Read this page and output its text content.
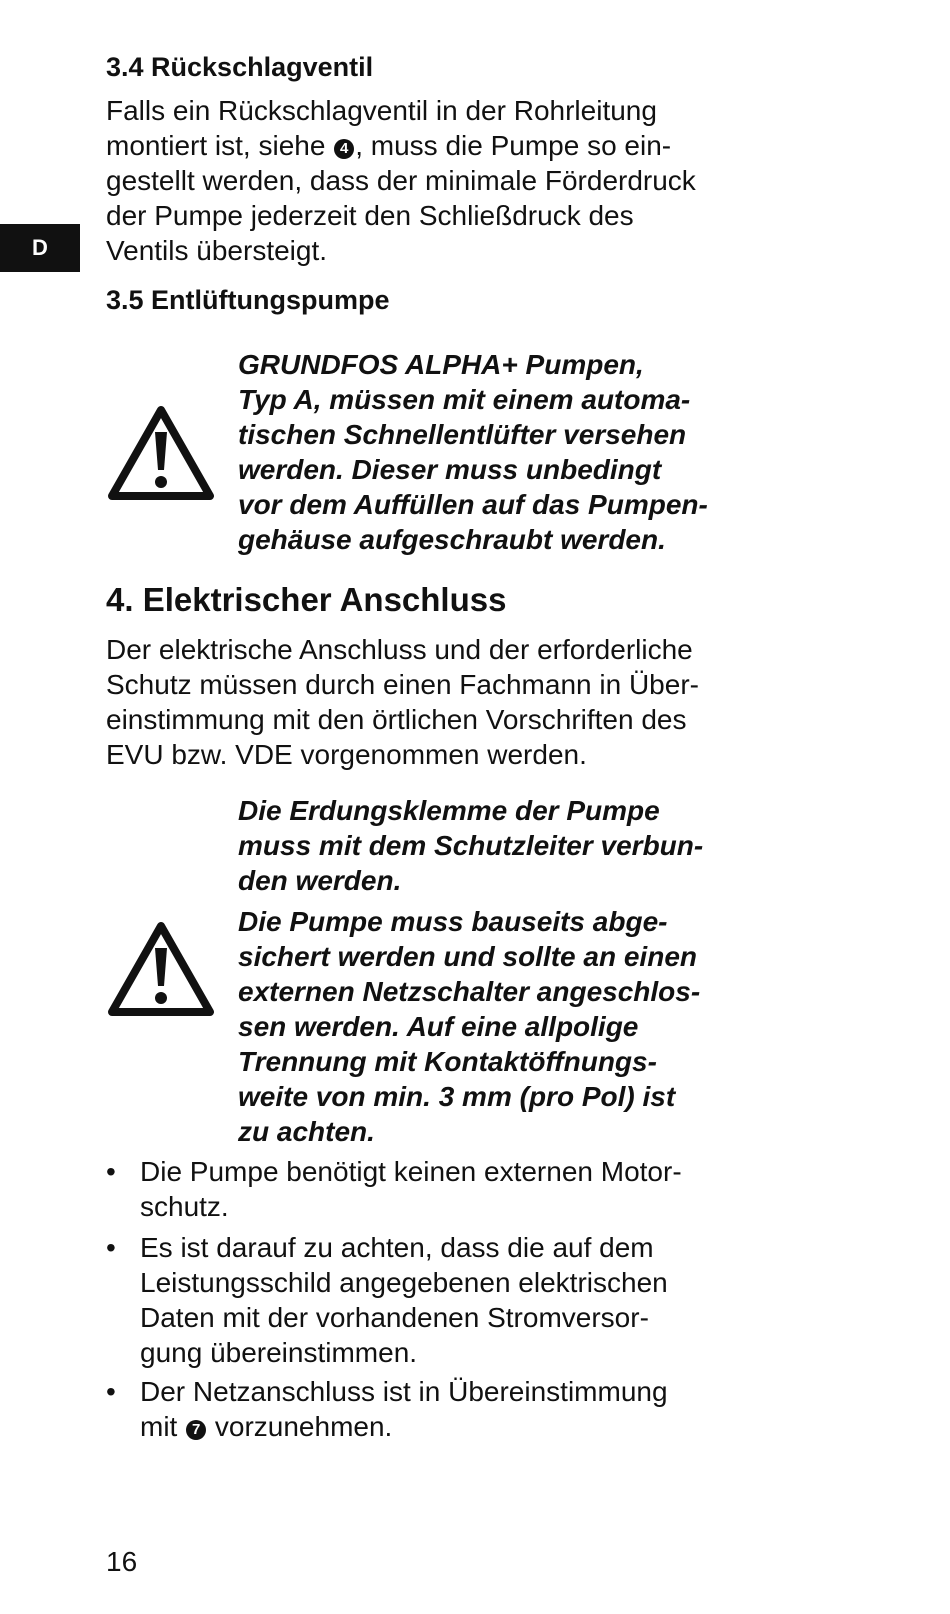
D
3.4 Rückschlagventil
Falls ein Rückschlagventil in der Rohrleitung
montiert ist, siehe 4 , muss die Pumpe so ein-
gestellt werden, dass der minimale Förderdruck
der Pumpe jederzeit den Schließdruck des
Ventils übersteigt.
3.5 Entlüftungspumpe
GRUNDFOS ALPHA+ Pumpen,
Typ A, müssen mit einem automa-
tischen Schnellentlüfter versehen
werden. Dieser muss unbedingt
vor dem Auffüllen auf das Pumpen-
gehäuse aufgeschraubt werden.
4. Elektrischer Anschluss
Der elektrische Anschluss und der erforderliche
Schutz müssen durch einen Fachmann in Über-
einstimmung mit den örtlichen Vorschriften des
EVU bzw. VDE vorgenommen werden.
Die Erdungsklemme der Pumpe
muss mit dem Schutzleiter verbun-
den werden.
Die Pumpe muss bauseits abge-
sichert werden und sollte an einen
externen Netzschalter angeschlos-
sen werden. Auf eine allpolige
Trennung mit Kontaktöffnungs-
weite von min. 3 mm (pro Pol) ist
zu achten.
• Die Pumpe benötigt keinen externen Motor-
schutz.
• Es ist darauf zu achten, dass die auf dem
Leistungsschild angegebenen elektrischen
Daten mit der vorhandenen Stromversor-
gung übereinstimmen.
• Der Netzanschluss ist in Übereinstimmung
mit 7 vorzunehmen.
16
